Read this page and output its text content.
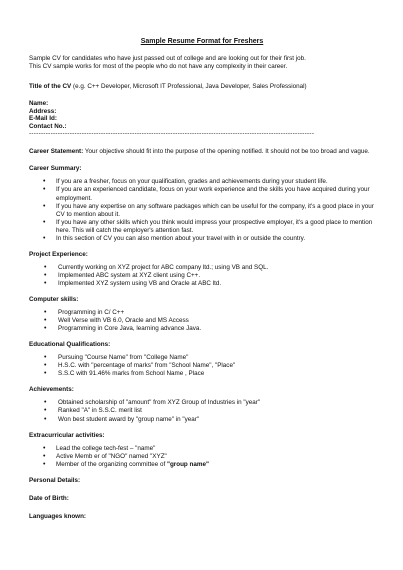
Sample Resume Format for Freshers

Sample CV for candidates who have just passed out of college and are looking out for their first job.

This CV sample works for most of the people who do not have any complexity in their career.

Title of the CV (e.g. C++ Developer, Microsoft IT Professional, Java Developer, Sales Professional)

Name:
Address:
E-Mail Id:
Contact No.:
-----------------------------------------------------------------------------------------------------------------------

Career Statement: Your objective should fit into the purpose of the opening notified. It should not be too broad and vague.

Career Summary:
• If you are a fresher, focus on your qualification, grades and achievements during your student life.
• If you are an experienced candidate, focus on your work experience and the skills you have acquired during your employment.
• If you have any expertise on any software packages which can be useful for the company, it's a good place in your CV to mention about it.
• If you have any other skills which you think would impress your prospective employer, it's a good place to mention here. This will catch the employer's attention fast.
• In this section of CV you can also mention about your travel with in or outside the country.
Project Experience:
• Currently working on XYZ project for ABC company ltd.; using VB and SQL.
• Implemented ABC system at XYZ client using C++.
• Implemented XYZ system using VB and Oracle at ABC ltd.
Computer skills:
• Programming in C/ C++
• Well Verse with VB 6.0, Oracle and MS Access
• Programming in Core Java, learning advance Java.
Educational Qualifications:
• Pursuing "Course Name" from "College Name"
• H.S.C. with "percentage of marks" from "School Name", "Place"
• S.S.C with 91.46% marks from School Name , Place
Achievements:
• Obtained scholarship of "amount" from XYZ Group of Industries in "year"
• Ranked "A" in S.S.C. merit list
• Won best student award by "group name" in "year"
Extracurricular activities:
• Lead the college tech-fest – "name"
• Active Memb er of "NGO" named "XYZ"
• Member of the organizing committee of "group name"
Personal Details:
Date of Birth:
Languages known:
